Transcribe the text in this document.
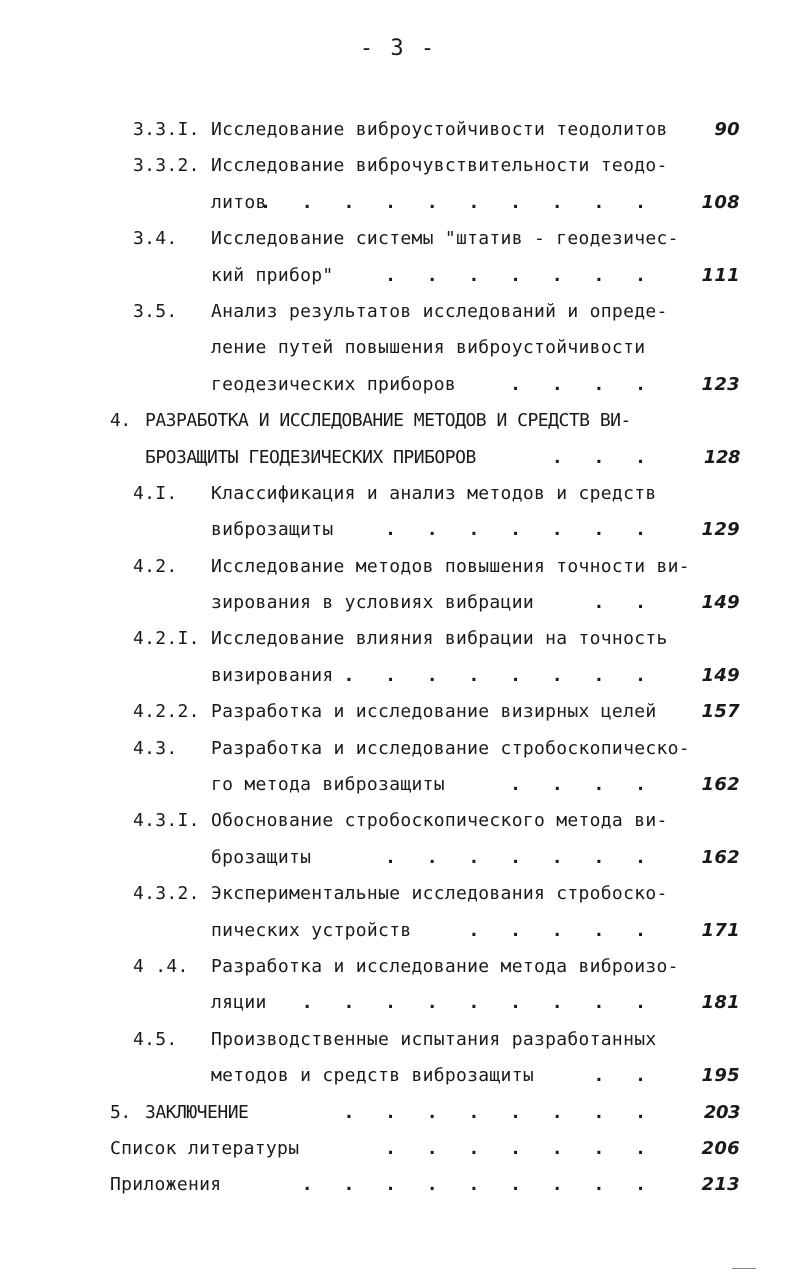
- 3 -
3.3.I. Исследование виброустойчивости теодолитов	90
3.3.2. Исследование виброчувствительности теодо-
литов
. . . . . . . . . .	108
3.4. Исследование системы "штатив - геодезичес-
кий прибор"	. . . . . . .	111
3.5. Анализ результатов исследований и опреде-
ление путей повышения виброустойчивости
геодезических приборов	. . . .	123
4. РАЗРАБОТКА И ИССЛЕДОВАНИЕ МЕТОДОВ И СРЕДСТВ ВИ-
БРОЗАЩИТЫ ГЕОДЕЗИЧЕСКИХ ПРИБОРОВ	. . .	128
4.I. Классификация и анализ методов и средств
виброзащиты	. . . . . . .	129
4.2. Исследование методов повышения точности ви-
зирования в условиях вибрации	. .	149
4.2.I. Исследование влияния вибрации на точность
визирования . . . . . . . .	149
4.2.2. Разработка и исследование визирных целей	157
4.3. Разработка и исследование стробоскопическо-
го метода виброзащиты	. . . .	162
4.3.I. Обоснование стробоскопического метода ви-
брозащиты	. . . . . . .	162
4.3.2. Экспериментальные исследования стробоско-
пических устройств	. . . . .	171
4 .4. Разработка и исследование метода виброизо-
ляции . . . . . . . . .	181
4.5. Производственные испытания разработанных
методов и средств виброзащиты	. .	195
5. ЗАКЛЮЧЕНИЕ	. . . . . . . .	203
Список литературы	. . . . . . .	206
Приложения	. . . . . . . . .	213
